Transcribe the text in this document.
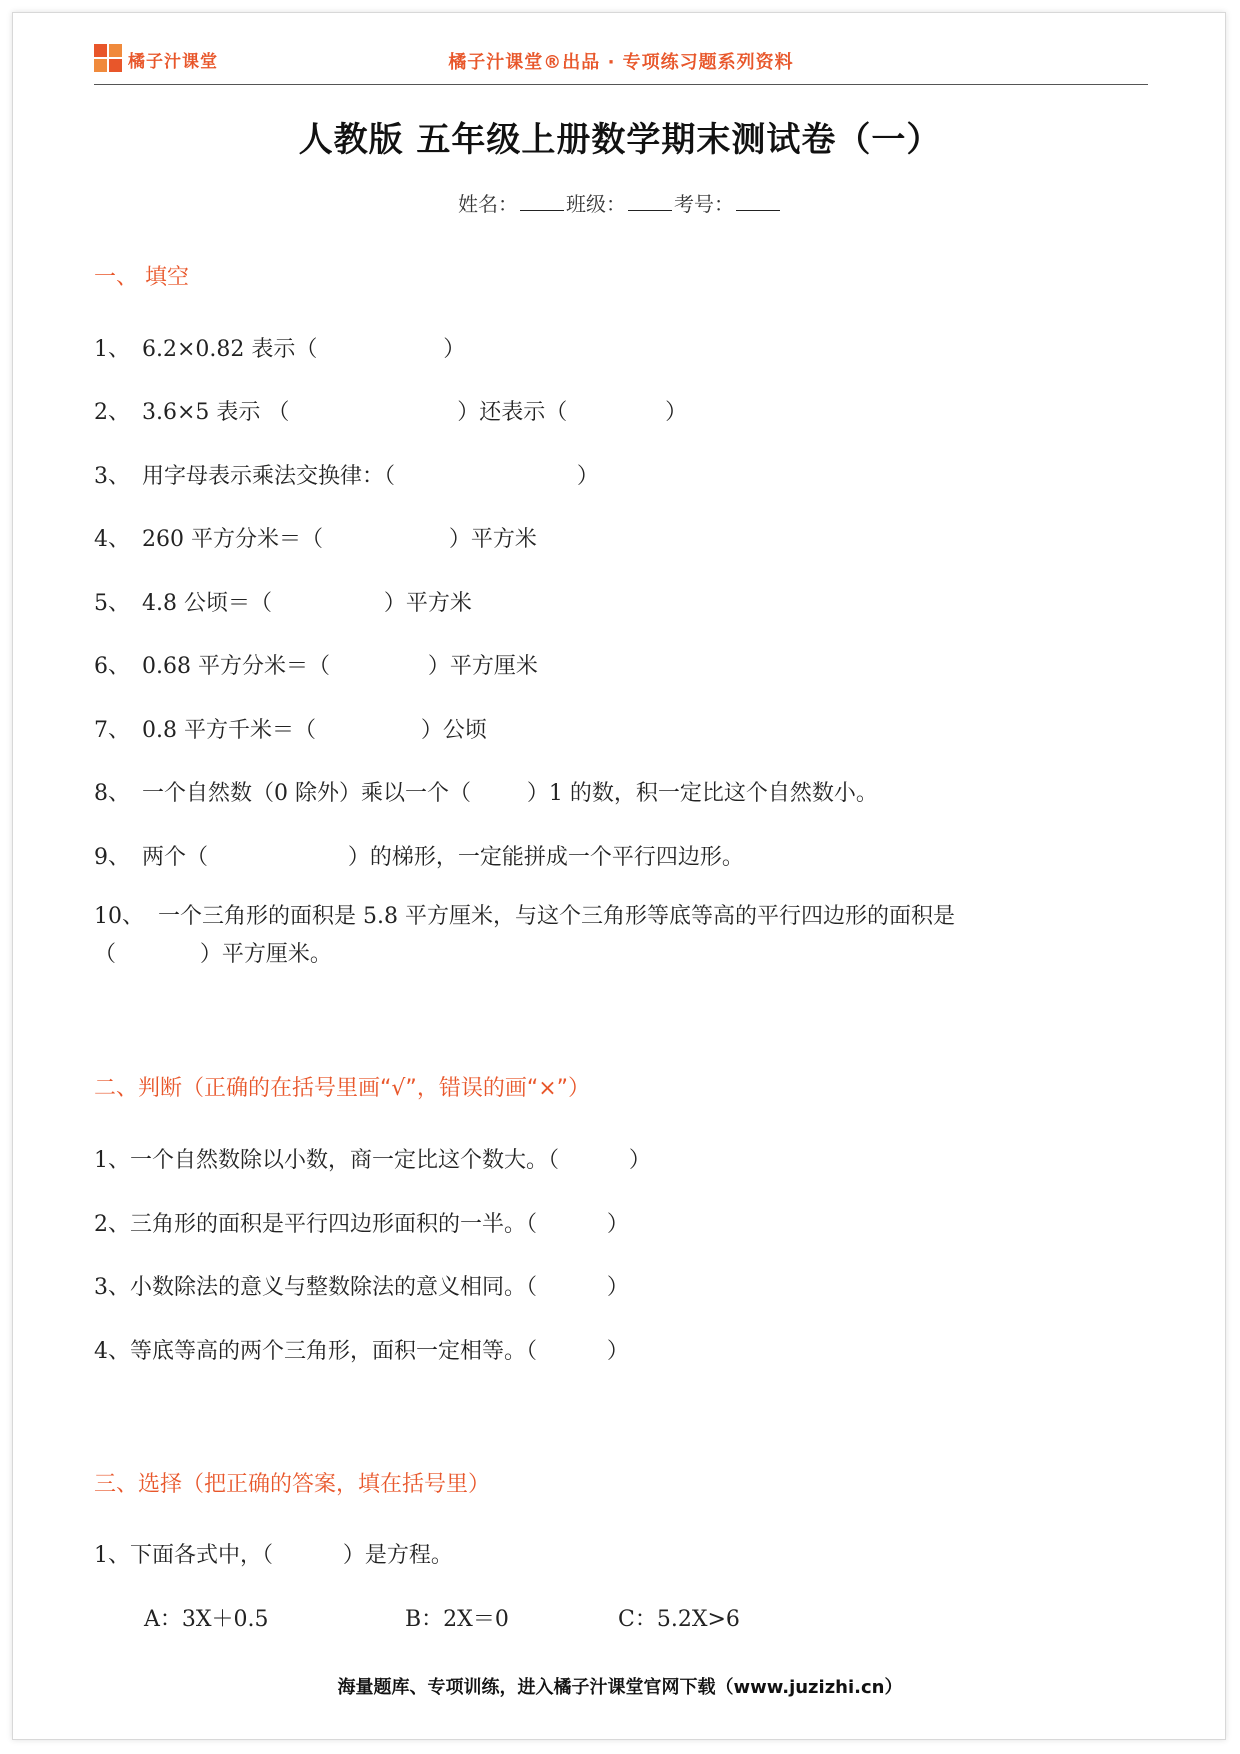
橘子汁课堂	橘子汁课堂®出品 · 专项练习题系列资料
人教版 五年级上册数学期末测试卷（一）
姓名： 班级： 考号：
一、 填空
1、 6.2×0.82 表示（                  ）
2、 3.6×5 表示 （                        ）还表示（              ）
3、 用字母表示乘法交换律：（                          ）
4、 260 平方分米＝（                  ）平方米
5、 4.8 公顷＝（                ）平方米
6、 0.68 平方分米＝（              ）平方厘米
7、 0.8 平方千米＝（               ）公顷
8、 一个自然数（0 除外）乘以一个（        ）1 的数，积一定比这个自然数小。
9、 两个（                    ）的梯形，一定能拼成一个平行四边形。
10、 一个三角形的面积是 5.8 平方厘米，与这个三角形等底等高的平行四边形的面积是
（            ）平方厘米。
二、判断（正确的在括号里画“√”，错误的画“×”）
1、一个自然数除以小数，商一定比这个数大。（          ）
2、三角形的面积是平行四边形面积的一半。（          ）
3、小数除法的意义与整数除法的意义相同。（          ）
4、等底等高的两个三角形，面积一定相等。（          ）
三、选择（把正确的答案，填在括号里）
1、下面各式中，（          ）是方程。
A：3X＋0.5	B：2X＝0	C：5.2X>6
海量题库、专项训练，进入橘子汁课堂官网下载（www.juzizhi.cn）
